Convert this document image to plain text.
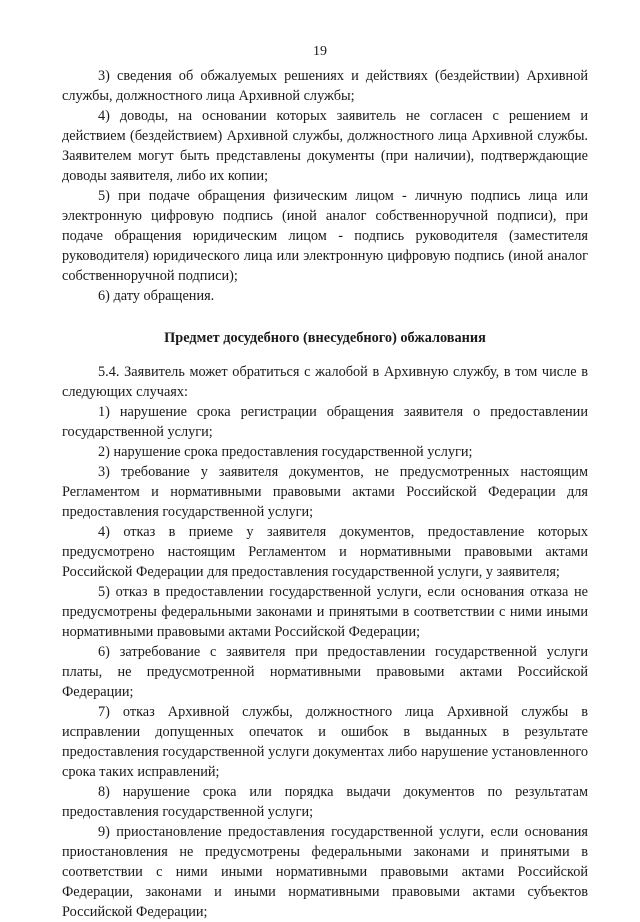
19

3) сведения об обжалуемых решениях и действиях (бездействии) Архивной службы, должностного лица Архивной службы;

4) доводы, на основании которых заявитель не согласен с решением и действием (бездействием) Архивной службы, должностного лица Архивной службы. Заявителем могут быть представлены документы (при наличии), подтверждающие доводы заявителя, либо их копии;

5) при подаче обращения физическим лицом - личную подпись лица или электронную цифровую подпись (иной аналог собственноручной подписи), при подаче обращения юридическим лицом - подпись руководителя (заместителя руководителя) юридического лица или электронную цифровую подпись (иной аналог собственноручной подписи);

6) дату обращения.

Предмет досудебного (внесудебного) обжалования

5.4. Заявитель может обратиться с жалобой в Архивную службу, в том числе в следующих случаях:

1) нарушение срока регистрации обращения заявителя о предоставлении государственной услуги;

2) нарушение срока предоставления государственной услуги;

3) требование у заявителя документов, не предусмотренных настоящим Регламентом и нормативными правовыми актами Российской Федерации для предоставления государственной услуги;

4) отказ в приеме у заявителя документов, предоставление которых предусмотрено настоящим Регламентом и нормативными правовыми актами Российской Федерации для предоставления государственной услуги, у заявителя;

5) отказ в предоставлении государственной услуги, если основания отказа не предусмотрены федеральными законами и принятыми в соответствии с ними иными нормативными правовыми актами Российской Федерации;

6) затребование с заявителя при предоставлении государственной услуги платы, не предусмотренной нормативными правовыми актами Российской Федерации;

7) отказ Архивной службы, должностного лица Архивной службы в исправлении допущенных опечаток и ошибок в выданных в результате предоставления государственной услуги документах либо нарушение установленного срока таких исправлений;

8) нарушение срока или порядка выдачи документов по результатам предоставления государственной услуги;

9) приостановление предоставления государственной услуги, если основания приостановления не предусмотрены федеральными законами и принятыми в соответствии с ними иными нормативными правовыми актами Российской Федерации, законами и иными нормативными правовыми актами субъектов Российской Федерации;
